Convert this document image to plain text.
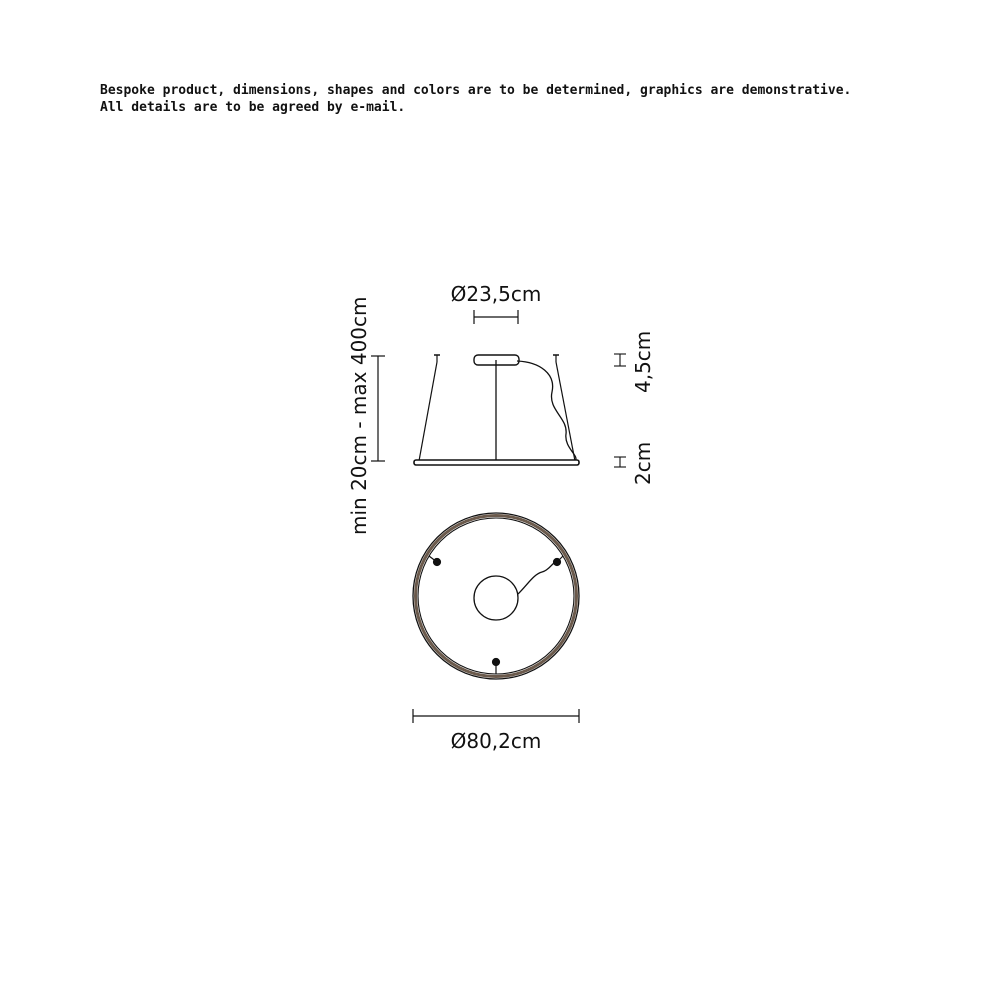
Bespoke product, dimensions, shapes and colors are to be determined, graphics are demonstrative. All details are to be agreed by e-mail.
min 20cm - max 400cm
Ø23,5cm
4,5cm
2cm
Ø80,2cm
